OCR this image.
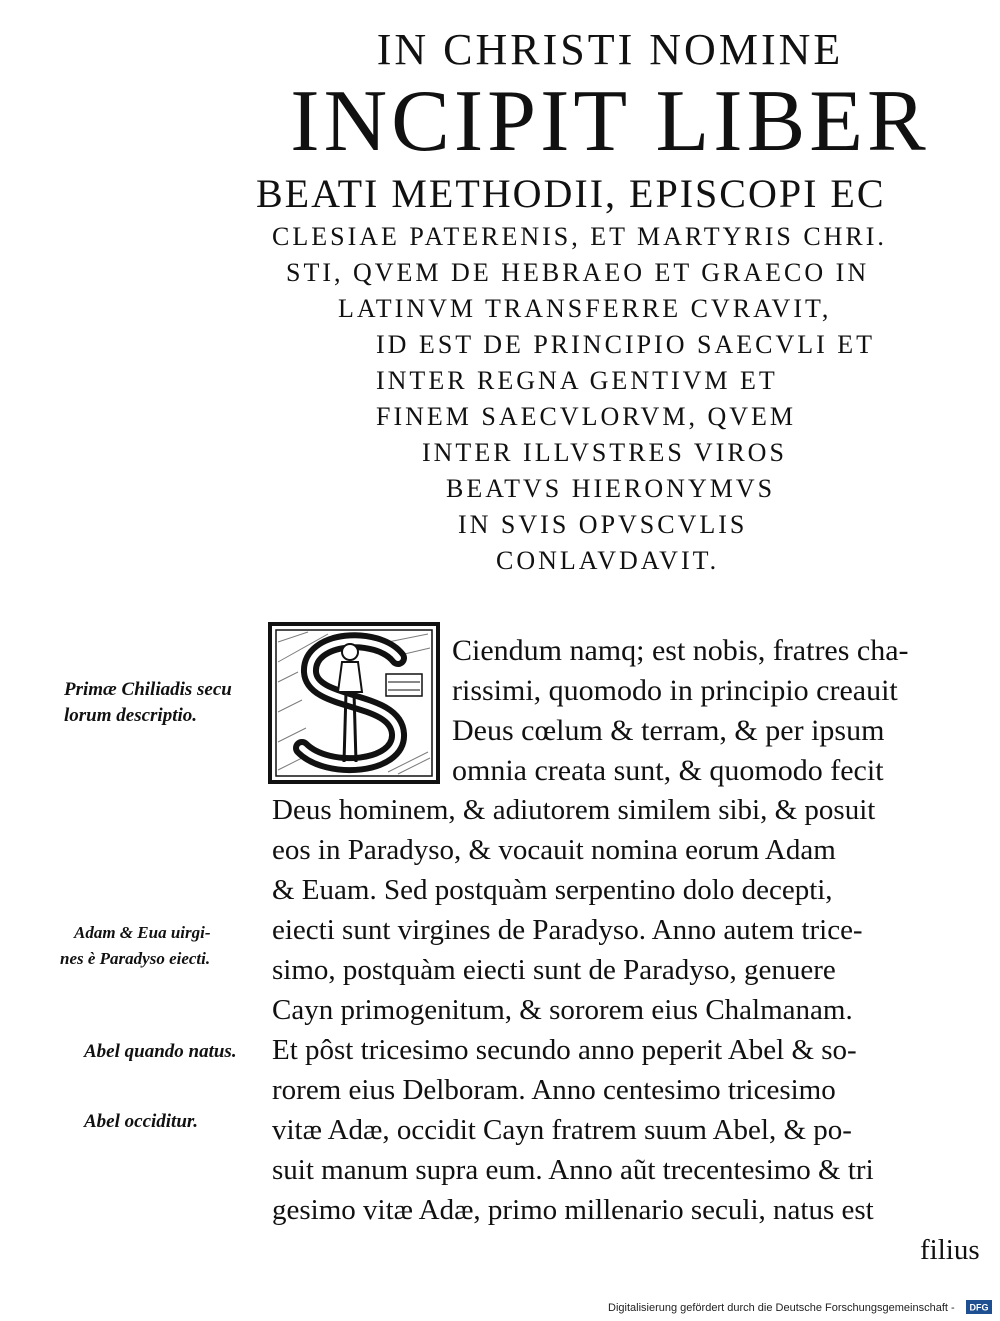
IN CHRISTI NOMINE
INCIPIT LIBER
BEATI METHODII, EPISCOPI EC
CLESIAE PATERENIS, ET MARTYRIS CHRI.
STI, QVEM DE HEBRAEO ET GRAECO IN
LATINVM TRANSFERRE CVRAVIT,
ID EST DE PRINCIPIO SAECVLI ET
INTER REGNA GENTIVM ET
FINEM SAECVLORVM, QVEM
INTER ILLVSTRES VIROS
BEATVS HIERONYMVS
IN SVIS OPVSCVLIS
CONLAVDAVIT.
Ciendum namq; est nobis, fratres cha-
rissimi, quomodo in principio creauit
Deus cœlum & terram, & per ipsum
omnia creata sunt, & quomodo fecit
Deus hominem, & adiutorem similem sibi, & posuit
eos in Paradyso, & vocauit nomina eorum Adam
& Euam. Sed postquàm serpentino dolo decepti,
eiecti sunt virgines de Paradyso. Anno autem trice-
simo, postquàm eiecti sunt de Paradyso, genuere
Cayn primogenitum, & sororem eius Chalmanam.
Et pôst tricesimo secundo anno peperit Abel & so-
rorem eius Delboram. Anno centesimo tricesimo
vitæ Adæ, occidit Cayn fratrem suum Abel, & po-
suit manum supra eum. Anno aũt trecentesimo & tri
gesimo vitæ Adæ, primo millenario seculi, natus est
filius
Primæ Chiliadis secu
lorum descriptio.
Adam & Eua uirgi-
nes è Paradyso eiecti.
Abel quando natus.
Abel occiditur.
Digitalisierung gefördert durch die Deutsche Forschungsgemeinschaft - DFG
